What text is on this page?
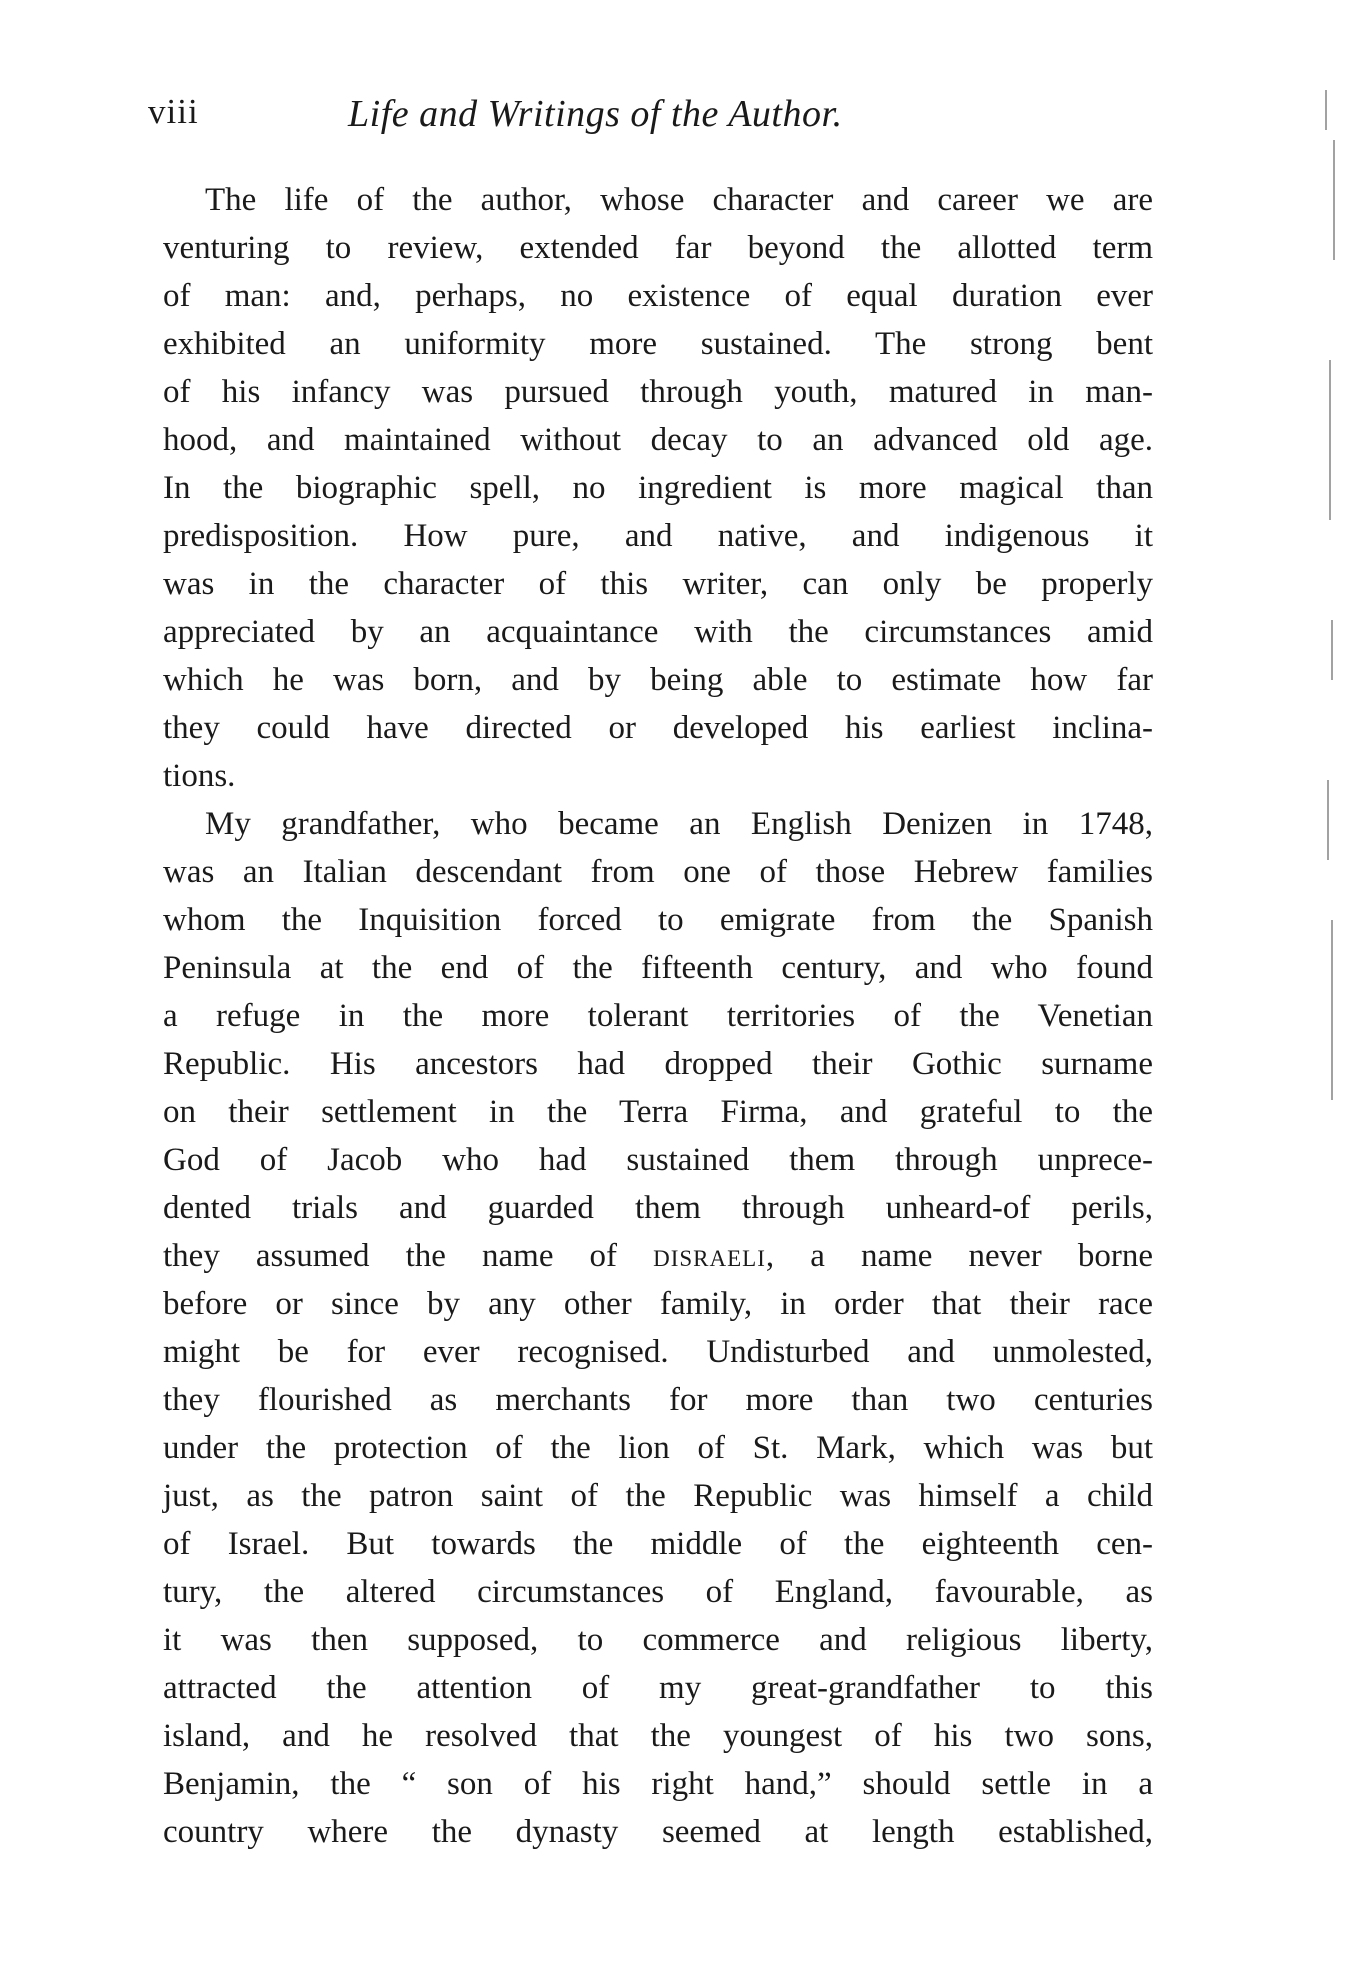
viii	Life and Writings of the Author.
The life of the author, whose character and career we are
venturing to review, extended far beyond the allotted term
of man: and, perhaps, no existence of equal duration ever
exhibited an uniformity more sustained. The strong bent
of his infancy was pursued through youth, matured in man-
hood, and maintained without decay to an advanced old age.
In the biographic spell, no ingredient is more magical than
predisposition. How pure, and native, and indigenous it
was in the character of this writer, can only be properly
appreciated by an acquaintance with the circumstances amid
which he was born, and by being able to estimate how far
they could have directed or developed his earliest inclina-
tions.
My grandfather, who became an English Denizen in 1748,
was an Italian descendant from one of those Hebrew families
whom the Inquisition forced to emigrate from the Spanish
Peninsula at the end of the fifteenth century, and who found
a refuge in the more tolerant territories of the Venetian
Republic. His ancestors had dropped their Gothic surname
on their settlement in the Terra Firma, and grateful to the
God of Jacob who had sustained them through unprece-
dented trials and guarded them through unheard-of perils,
they assumed the name of disraeli, a name never borne
before or since by any other family, in order that their race
might be for ever recognised. Undisturbed and unmolested,
they flourished as merchants for more than two centuries
under the protection of the lion of St. Mark, which was but
just, as the patron saint of the Republic was himself a child
of Israel. But towards the middle of the eighteenth cen-
tury, the altered circumstances of England, favourable, as
it was then supposed, to commerce and religious liberty,
attracted the attention of my great-grandfather to this
island, and he resolved that the youngest of his two sons,
Benjamin, the “ son of his right hand,” should settle in a
country where the dynasty seemed at length established,
